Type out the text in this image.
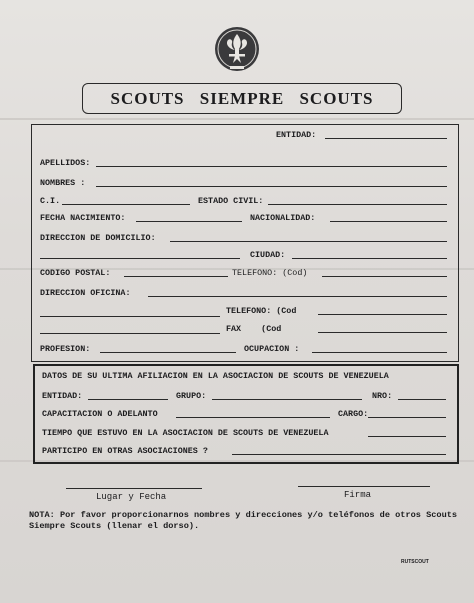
SCOUTS SIEMPRE SCOUTS
ENTIDAD:
APELLIDOS:
NOMBRES :
C.I.	ESTADO CIVIL:
FECHA NACIMIENTO:	NACIONALIDAD:
DIRECCION DE DOMICILIO:
CIUDAD:
CODIGO POSTAL:	TELEFONO: (Cod)
DIRECCION OFICINA:
TELEFONO: (Cod
FAX    (Cod
PROFESION:	OCUPACION :
DATOS DE SU ULTIMA AFILIACION EN LA ASOCIACION DE SCOUTS DE VENEZUELA
ENTIDAD:	GRUPO:	NRO:
CAPACITACION O ADELANTO	CARGO:
TIEMPO QUE ESTUVO EN LA ASOCIACION DE SCOUTS DE VENEZUELA
PARTICIPO EN OTRAS ASOCIACIONES ?
Lugar y Fecha	Firma
NOTA: Por favor proporcionarnos nombres y direcciones y/o teléfonos de otros Scouts Siempre Scouts (llenar el dorso).
RUTSCOUT
